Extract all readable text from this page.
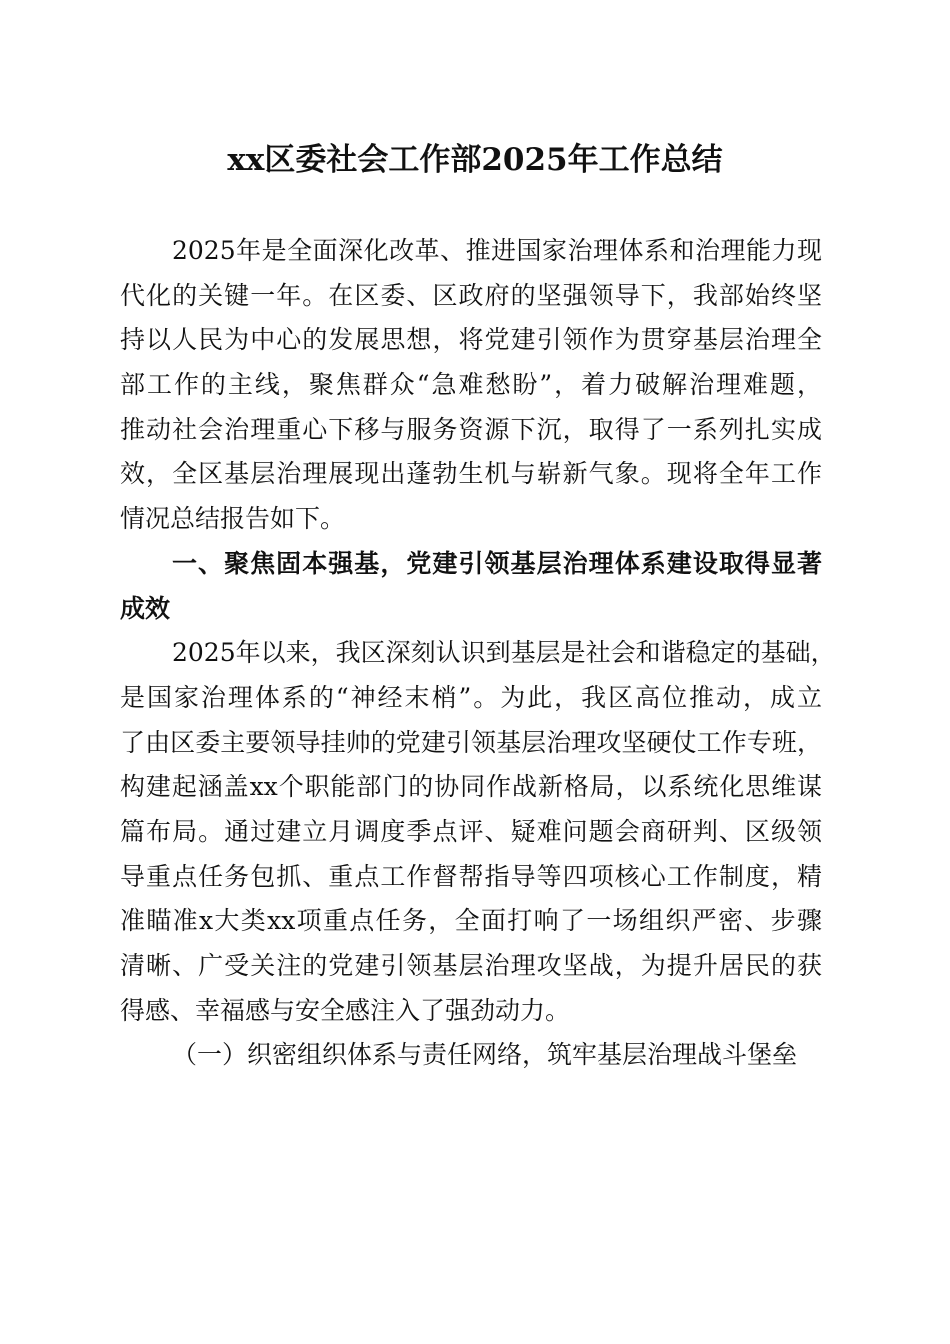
xx区委社会工作部2025年工作总结
2025年是全面深化改革、推进国家治理体系和治理能力现
代化的关键一年。在区委、区政府的坚强领导下，我部始终坚
持以人民为中心的发展思想，将党建引领作为贯穿基层治理全
部工作的主线，聚焦群众“急难愁盼”，着力破解治理难题，
推动社会治理重心下移与服务资源下沉，取得了一系列扎实成
效，全区基层治理展现出蓬勃生机与崭新气象。现将全年工作
情况总结报告如下。
一、聚焦固本强基，党建引领基层治理体系建设取得显著
成效
2025年以来，我区深刻认识到基层是社会和谐稳定的基础，
是国家治理体系的“神经末梢”。为此，我区高位推动，成立
了由区委主要领导挂帅的党建引领基层治理攻坚硬仗工作专班，
构建起涵盖xx个职能部门的协同作战新格局，以系统化思维谋
篇布局。通过建立月调度季点评、疑难问题会商研判、区级领
导重点任务包抓、重点工作督帮指导等四项核心工作制度，精
准瞄准x大类xx项重点任务，全面打响了一场组织严密、步骤
清晰、广受关注的党建引领基层治理攻坚战，为提升居民的获
得感、幸福感与安全感注入了强劲动力。
（一）织密组织体系与责任网络，筑牢基层治理战斗堡垒
